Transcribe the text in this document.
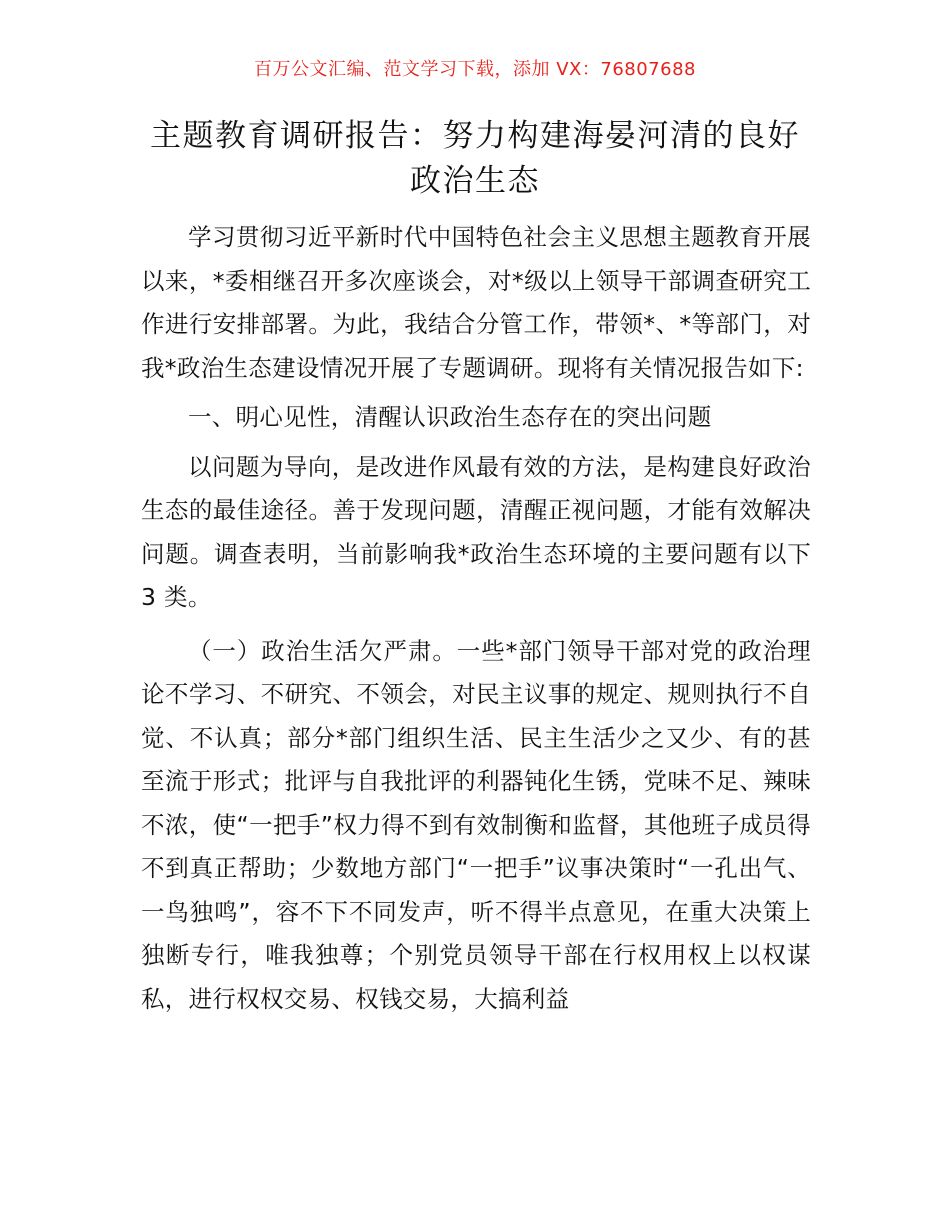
百万公文汇编、范文学习下载，添加 VX：76807688
主题教育调研报告：努力构建海晏河清的良好
政治生态

学习贯彻习近平新时代中国特色社会主义思想主题教育开展以来，*委相继召开多次座谈会，对*级以上领导干部调查研究工作进行安排部署。为此，我结合分管工作，带领*、*等部门，对我*政治生态建设情况开展了专题调研。现将有关情况报告如下:

一、明心见性，清醒认识政治生态存在的突出问题

以问题为导向，是改进作风最有效的方法，是构建良好政治生态的最佳途径。善于发现问题，清醒正视问题，才能有效解决问题。调查表明，当前影响我*政治生态环境的主要问题有以下 3 类。

（一）政治生活欠严肃。一些*部门领导干部对党的政治理论不学习、不研究、不领会，对民主议事的规定、规则执行不自觉、不认真；部分*部门组织生活、民主生活少之又少、有的甚至流于形式；批评与自我批评的利器钝化生锈，党味不足、辣味不浓，使“一把手”权力得不到有效制衡和监督，其他班子成员得不到真正帮助；少数地方部门“一把手”议事决策时“一孔出气、一鸟独鸣”，容不下不同发声，听不得半点意见，在重大决策上独断专行，唯我独尊；个别党员领导干部在行权用权上以权谋私，进行权权交易、权钱交易，大搞利益
